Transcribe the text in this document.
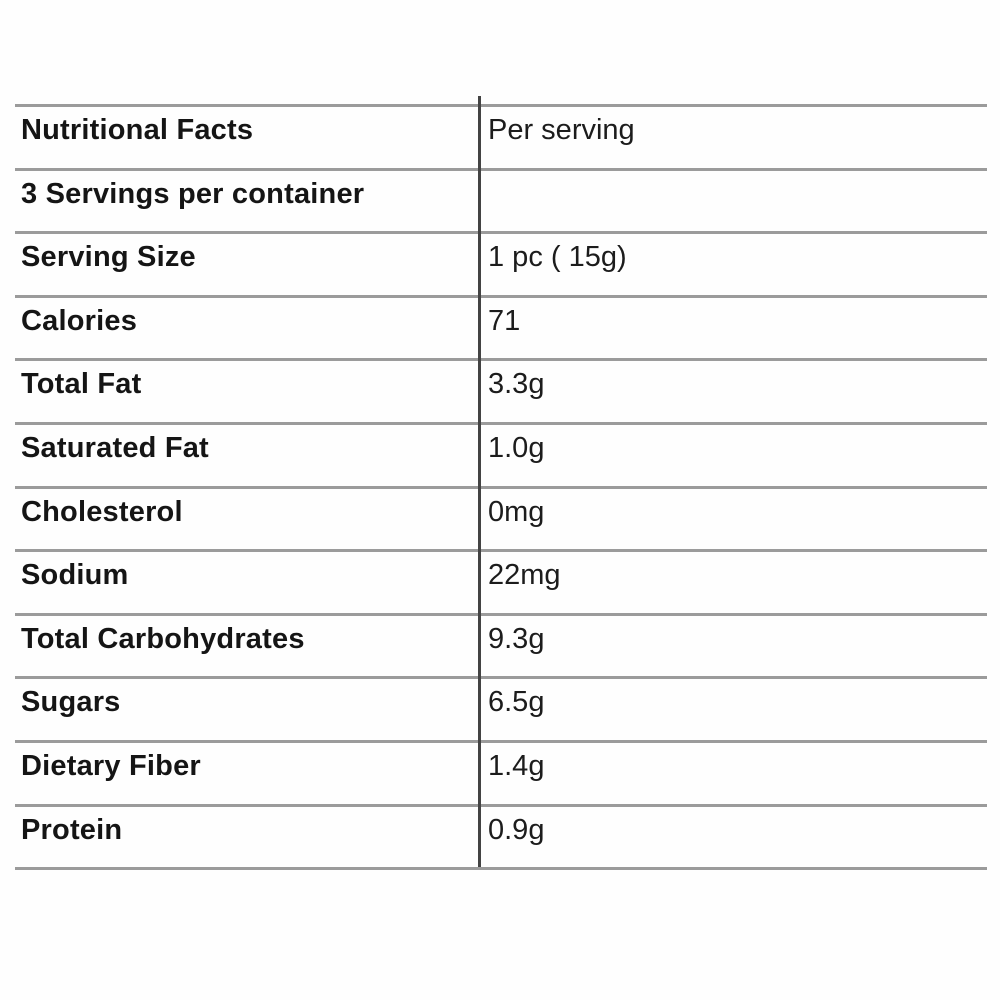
Nutritional Facts	Per serving
3 Servings per container
Serving Size	1 pc ( 15g)
Calories	71
Total Fat	3.3g
Saturated Fat	1.0g
Cholesterol	0mg
Sodium	22mg
Total Carbohydrates	9.3g
Sugars	6.5g
Dietary Fiber	1.4g
Protein	0.9g
